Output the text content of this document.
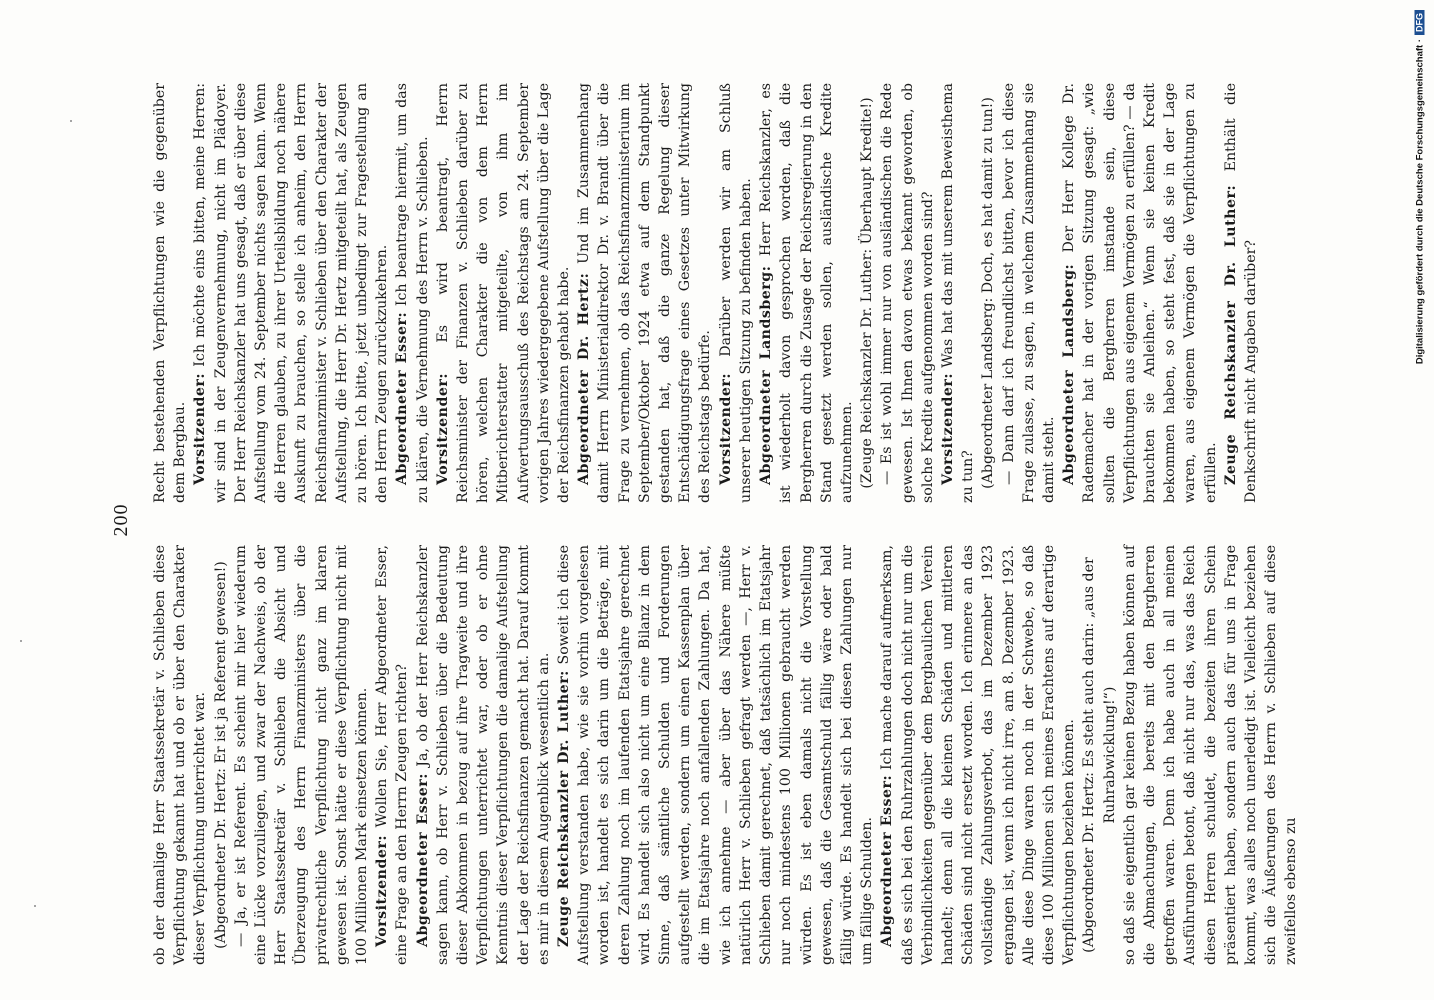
200

ob der damalige Herr Staatssekretär v. Schlieben diese Verpflichtung gekannt hat und ob er über den Charakter dieser Verpflichtung unterrichtet war. (Abgeordneter Dr. Hertz: Er ist ja Referent gewesen!) — Ja, er ist Referent. Es scheint mir hier wiederum eine Lücke vorzuliegen, und zwar der Nachweis, ob der Herr Staatssekretär v. Schlieben die Absicht und Überzeugung des Herrn Finanzministers über die privatrechtliche Verpflichtung nicht ganz im klaren gewesen ist. Sonst hätte er diese Verpflichtung nicht mit 100 Millionen Mark einsetzen können. Vorsitzender: Wollen Sie, Herr Abgeordneter Esser, eine Frage an den Herrn Zeugen richten? Abgeordneter Esser: Ja, ob der Herr Reichskanzler sagen kann, ob Herr v. Schlieben über die Bedeutung dieser Abkommen in bezug auf ihre Tragweite und ihre Verpflichtungen unterrichtet war, oder ob er ohne Kenntnis dieser Verpflichtungen die damalige Aufstellung der Lage der Reichsfinanzen gemacht hat. Darauf kommt es mir in diesem Augenblick wesentlich an. Zeuge Reichskanzler Dr. Luther: Soweit ich diese Aufstellung verstanden habe, wie sie vorhin vorgelesen worden ist, handelt es sich darin um die Beträge, mit deren Zahlung noch im laufenden Etatsjahre gerechnet wird. Es handelt sich also nicht um eine Bilanz in dem Sinne, daß sämtliche Schulden und Forderungen aufgestellt werden, sondern um einen Kassenplan über die im Etatsjahre noch anfallenden Zahlungen. Da hat, wie ich annehme — aber über das Nähere müßte natürlich Herr v. Schlieben gefragt werden —, Herr v. Schlieben damit gerechnet, daß tatsächlich im Etatsjahr nur noch mindestens 100 Millionen gebraucht werden würden. Es ist eben damals nicht die Vorstellung gewesen, daß die Gesamtschuld fällig wäre oder bald fällig würde. Es handelt sich bei diesen Zahlungen nur um fällige Schulden. Abgeordneter Esser: Ich mache darauf aufmerksam, daß es sich bei den Ruhrzahlungen doch nicht nur um die Verbindlichkeiten gegenüber dem Bergbaulichen Verein handelt; denn all die kleinen Schäden und mittleren Schäden sind nicht ersetzt worden. Ich erinnere an das vollständige Zahlungsverbot, das im Dezember 1923 ergangen ist, wenn ich nicht irre, am 8. Dezember 1923. Alle diese Dinge waren noch in der Schwebe, so daß diese 100 Millionen sich meines Erachtens auf derartige Verpflichtungen beziehen können. (Abgeordneter Dr. Hertz: Es steht auch darin: „aus der Ruhrabwicklung!“) so daß sie eigentlich gar keinen Bezug haben können auf die Abmachungen, die bereits mit den Bergherren getroffen waren. Denn ich habe auch in all meinen Ausführungen betont, daß nicht nur das, was das Reich diesen Herren schuldet, die bezeiten ihren Schein präsentiert haben, sondern auch das für uns in Frage kommt, was alles noch unerledigt ist. Vielleicht beziehen sich die Äußerungen des Herrn v. Schlieben auf diese zweifellos ebenso zu

Recht bestehenden Verpflichtungen wie die gegenüber dem Bergbau. Vorsitzender: Ich möchte eins bitten, meine Herren: wir sind in der Zeugenvernehmung, nicht im Plädoyer. Der Herr Reichskanzler hat uns gesagt, daß er über diese Aufstellung vom 24. September nichts sagen kann. Wenn die Herren glauben, zu ihrer Urteilsbildung noch nähere Auskunft zu brauchen, so stelle ich anheim, den Herrn Reichsfinanzminister v. Schlieben über den Charakter der Aufstellung, die Herr Dr. Hertz mitgeteilt hat, als Zeugen zu hören. Ich bitte, jetzt unbedingt zur Fragestellung an den Herrn Zeugen zurückzukehren. Abgeordneter Esser: Ich beantrage hiermit, um das zu klären, die Vernehmung des Herrn v. Schlieben. Vorsitzender: Es wird beantragt, Herrn Reichsminister der Finanzen v. Schlieben darüber zu hören, welchen Charakter die von dem Herrn Mitberichterstatter mitgeteilte, von ihm im Aufwertungsausschuß des Reichstags am 24. September vorigen Jahres wiedergegebene Aufstellung über die Lage der Reichsfinanzen gehabt habe. Abgeordneter Dr. Hertz: Und im Zusammenhang damit Herrn Ministerialdirektor Dr. v. Brandt über die Frage zu vernehmen, ob das Reichsfinanzministerium im September/Oktober 1924 etwa auf dem Standpunkt gestanden hat, daß die ganze Regelung dieser Entschädigungsfrage eines Gesetzes unter Mitwirkung des Reichstags bedürfe. Vorsitzender: Darüber werden wir am Schluß unserer heutigen Sitzung zu befinden haben. Abgeordneter Landsberg: Herr Reichskanzler, es ist wiederholt davon gesprochen worden, daß die Bergherren durch die Zusage der Reichsregierung in den Stand gesetzt werden sollen, ausländische Kredite aufzunehmen. (Zeuge Reichskanzler Dr. Luther: Überhaupt Kredite!) — Es ist wohl immer nur von ausländischen die Rede gewesen. Ist Ihnen davon etwas bekannt geworden, ob solche Kredite aufgenommen worden sind? Vorsitzender: Was hat das mit unserem Beweisthema zu tun? (Abgeordneter Landsberg: Doch, es hat damit zu tun!) — Dann darf ich freundlichst bitten, bevor ich diese Frage zulasse, zu sagen, in welchem Zusammenhang sie damit steht. Abgeordneter Landsberg: Der Herr Kollege Dr. Rademacher hat in der vorigen Sitzung gesagt: „wie sollten die Bergherren imstande sein, diese Verpflichtungen aus eigenem Vermögen zu erfüllen? — da brauchten sie Anleihen.“ Wenn sie keinen Kredit bekommen haben, so steht fest, daß sie in der Lage waren, aus eigenem Vermögen die Verpflichtungen zu erfüllen. Zeuge Reichskanzler Dr. Luther: Enthält die Denkschrift nicht Angaben darüber?

Digitalisierung gefördert durch die Deutsche Forschungsgemeinschaft ·DFG
